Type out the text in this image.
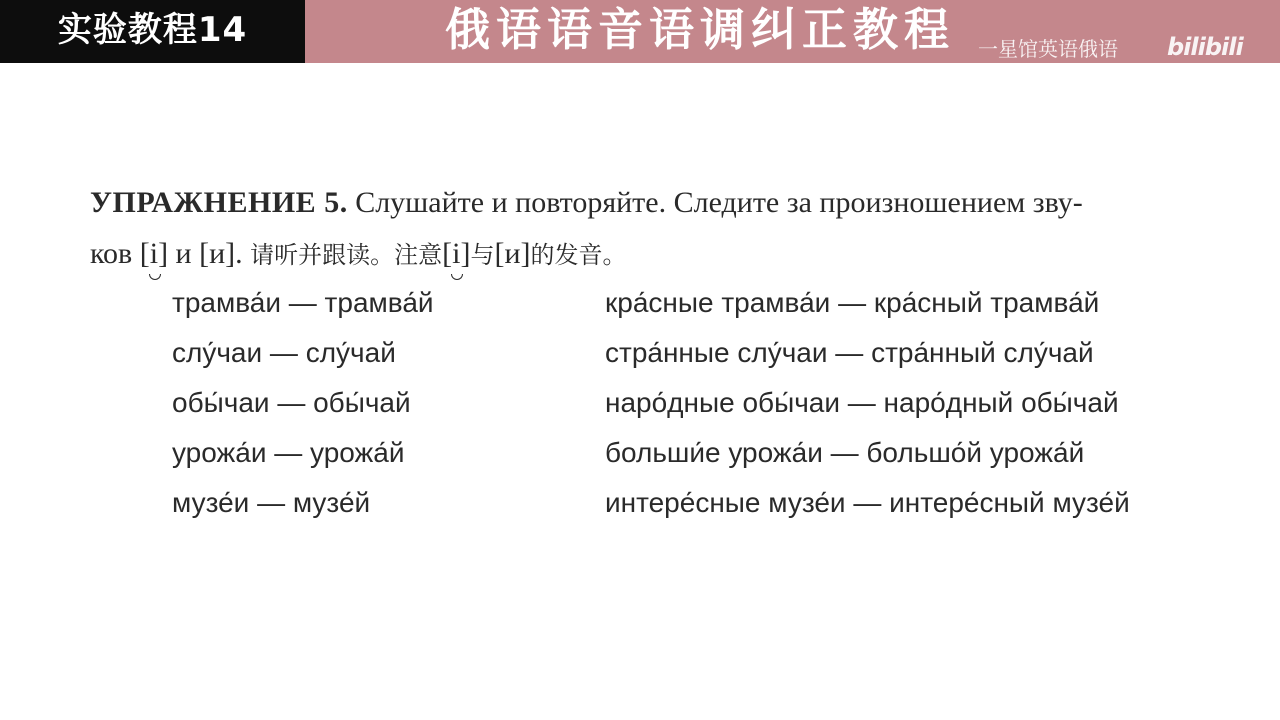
实验教程14	俄语语音语调纠正教程 一星馆英语俄语 bilibili
УПРАЖНЕНИЕ 5. Слушайте и повторяйте. Следите за произношением зву-
ков [i] и [и]. 请听并跟读。注意[i]与[и]的发音。
трамва́и — трамва́й	кра́сные трамва́и — кра́сный трамва́й
слу́чаи — слу́чай	стра́нные слу́чаи — стра́нный слу́чай
обы́чаи — обы́чай	наро́дные обы́чаи — наро́дный обы́чай
урожа́и — урожа́й	больши́е урожа́и — большо́й урожа́й
музе́и — музе́й	интере́сные музе́и — интере́сный музе́й
